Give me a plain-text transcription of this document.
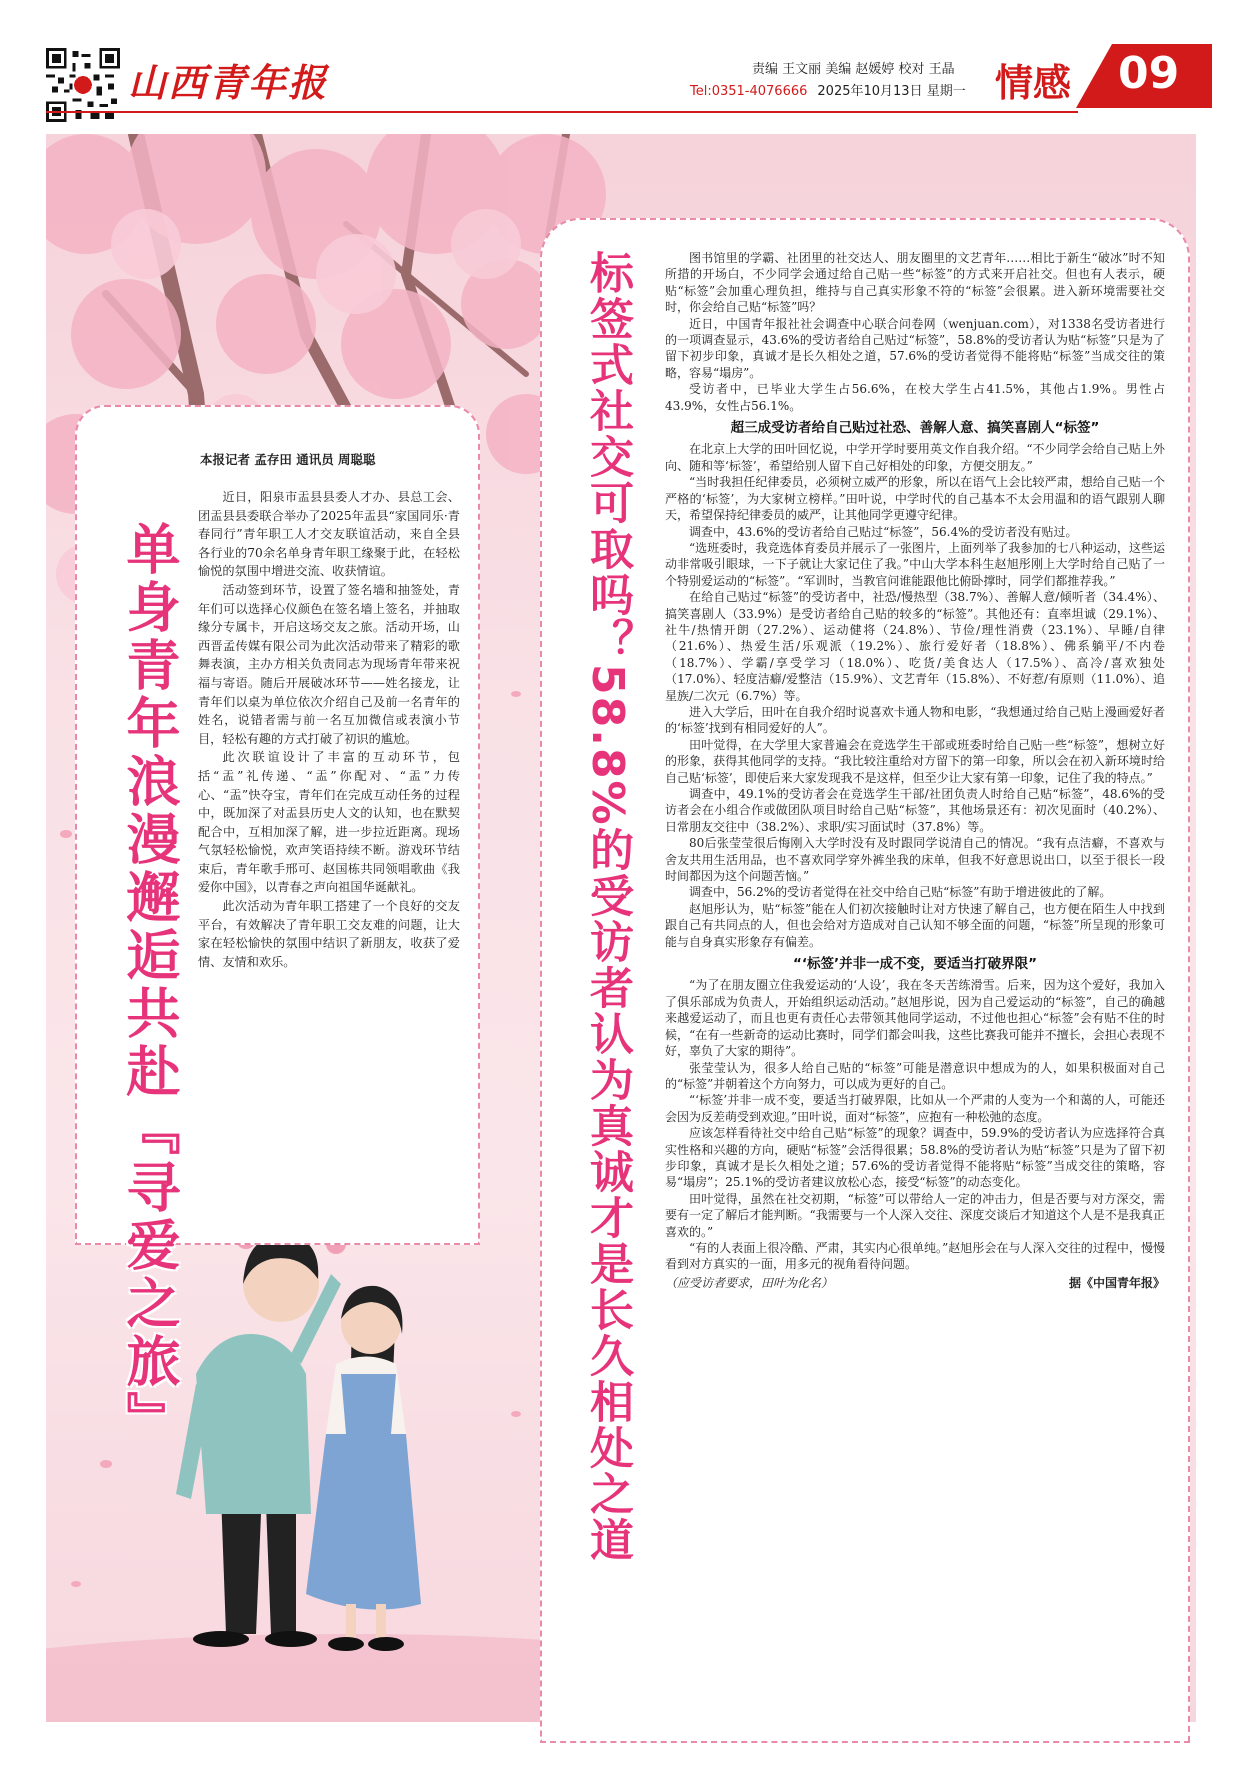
山西青年报	责编 王文丽 美编 赵媛婷 校对 王晶
Tel:0351-4076666 2025年10月13日 星期一 情感 09
单身青年浪漫邂逅共赴『寻爱之旅』
本报记者 孟存田 通讯员 周聪聪

近日，阳泉市盂县县委人才办、县总工会、团盂县县委联合举办了2025年盂县“家国同乐·青春同行”青年职工人才交友联谊活动，来自全县各行业的70余名单身青年职工缘聚于此，在轻松愉悦的氛围中增进交流、收获情谊。

活动签到环节，设置了签名墙和抽签处，青年们可以选择心仪颜色在签名墙上签名，并抽取缘分专属卡，开启这场交友之旅。活动开场，山西晋孟传媒有限公司为此次活动带来了精彩的歌舞表演，主办方相关负责同志为现场青年带来祝福与寄语。随后开展破冰环节——姓名接龙，让青年们以桌为单位依次介绍自己及前一名青年的姓名，说错者需与前一名互加微信或表演小节目，轻松有趣的方式打破了初识的尴尬。

此次联谊设计了丰富的互动环节，包括“盂”礼传递、“盂”你配对、“盂”力传心、“盂”快夺宝，青年们在完成互动任务的过程中，既加深了对盂县历史人文的认知，也在默契配合中，互相加深了解，进一步拉近距离。现场气氛轻松愉悦，欢声笑语持续不断。游戏环节结束后，青年歌手邢可、赵国栋共同领唱歌曲《我爱你中国》，以青春之声向祖国华诞献礼。

此次活动为青年职工搭建了一个良好的交友平台，有效解决了青年职工交友难的问题，让大家在轻松愉快的氛围中结识了新朋友，收获了爱情、友情和欢乐。	标签式社交可取吗？58.8%的受访者认为真诚才是长久相处之道	图书馆里的学霸、社团里的社交达人、朋友圈里的文艺青年……相比于新生“破冰”时不知所措的开场白，不少同学会通过给自己贴一些“标签”的方式来开启社交。但也有人表示，硬贴“标签”会加重心理负担，维持与自己真实形象不符的“标签”会很累。进入新环境需要社交时，你会给自己贴“标签”吗？

近日，中国青年报社社会调查中心联合问卷网（wenjuan.com），对1338名受访者进行的一项调查显示，43.6%的受访者给自己贴过“标签”，58.8%的受访者认为贴“标签”只是为了留下初步印象，真诚才是长久相处之道，57.6%的受访者觉得不能将贴“标签”当成交往的策略，容易“塌房”。

受访者中，已毕业大学生占56.6%，在校大学生占41.5%，其他占1.9%。男性占43.9%，女性占56.1%。

超三成受访者给自己贴过社恐、善解人意、搞笑喜剧人“标签”

在北京上大学的田叶回忆说，中学开学时要用英文作自我介绍。“不少同学会给自己贴上外向、随和等‘标签’，希望给别人留下自己好相处的印象，方便交朋友。”

“当时我担任纪律委员，必须树立威严的形象，所以在语气上会比较严肃，想给自己贴一个严格的‘标签’，为大家树立榜样。”田叶说，中学时代的自己基本不太会用温和的语气跟别人聊天，希望保持纪律委员的威严，让其他同学更遵守纪律。

调查中，43.6%的受访者给自己贴过“标签”，56.4%的受访者没有贴过。

“选班委时，我竞选体育委员并展示了一张图片，上面列举了我参加的七八种运动，这些运动非常吸引眼球，一下子就让大家记住了我。”中山大学本科生赵旭彤刚上大学时给自己贴了一个特别爱运动的“标签”。“军训时，当教官问谁能跟他比俯卧撑时，同学们都推荐我。”

在给自己贴过“标签”的受访者中，社恐/慢热型（38.7%）、善解人意/倾听者（34.4%）、搞笑喜剧人（33.9%）是受访者给自己贴的较多的“标签”。其他还有：直率坦诚（29.1%）、社牛/热情开朗（27.2%）、运动健将（24.8%）、节俭/理性消费（23.1%）、早睡/自律（21.6%）、热爱生活/乐观派（19.2%）、旅行爱好者（18.8%）、佛系躺平/不内卷（18.7%）、学霸/享受学习（18.0%）、吃货/美食达人（17.5%）、高冷/喜欢独处（17.0%）、轻度洁癖/爱整洁（15.9%）、文艺青年（15.8%）、不好惹/有原则（11.0%）、追星族/二次元（6.7%）等。

进入大学后，田叶在自我介绍时说喜欢卡通人物和电影，“我想通过给自己贴上漫画爱好者的‘标签’找到有相同爱好的人”。

田叶觉得，在大学里大家普遍会在竞选学生干部或班委时给自己贴一些“标签”，想树立好的形象，获得其他同学的支持。“我比较注重给对方留下的第一印象，所以会在初入新环境时给自己贴‘标签’，即使后来大家发现我不是这样，但至少让大家有第一印象，记住了我的特点。”

调查中，49.1%的受访者会在竞选学生干部/社团负责人时给自己贴“标签”，48.6%的受访者会在小组合作或做团队项目时给自己贴“标签”，其他场景还有：初次见面时（40.2%）、日常朋友交往中（38.2%）、求职/实习面试时（37.8%）等。

80后张莹莹很后悔刚入大学时没有及时跟同学说清自己的情况。“我有点洁癖，不喜欢与舍友共用生活用品，也不喜欢同学穿外裤坐我的床单，但我不好意思说出口，以至于很长一段时间都因为这个问题苦恼。”

调查中，56.2%的受访者觉得在社交中给自己贴“标签”有助于增进彼此的了解。

赵旭彤认为，贴“标签”能在人们初次接触时让对方快速了解自己，也方便在陌生人中找到跟自己有共同点的人，但也会给对方造成对自己认知不够全面的问题，“标签”所呈现的形象可能与自身真实形象存有偏差。

“‘标签’并非一成不变，要适当打破界限”

“为了在朋友圈立住我爱运动的‘人设’，我在冬天苦练滑雪。后来，因为这个爱好，我加入了俱乐部成为负责人，开始组织运动活动。”赵旭彤说，因为自己爱运动的“标签”，自己的确越来越爱运动了，而且也更有责任心去带领其他同学运动，不过他也担心“标签”会有贴不住的时候，“在有一些新奇的运动比赛时，同学们都会叫我，这些比赛我可能并不擅长，会担心表现不好，辜负了大家的期待”。

张莹莹认为，很多人给自己贴的“标签”可能是潜意识中想成为的人，如果积极面对自己的“标签”并朝着这个方向努力，可以成为更好的自己。

“‘标签’并非一成不变，要适当打破界限，比如从一个严肃的人变为一个和蔼的人，可能还会因为反差萌受到欢迎。”田叶说，面对“标签”，应抱有一种松弛的态度。

应该怎样看待社交中给自己贴“标签”的现象？调查中，59.9%的受访者认为应选择符合真实性格和兴趣的方向，硬贴“标签”会活得很累；58.8%的受访者认为贴“标签”只是为了留下初步印象，真诚才是长久相处之道；57.6%的受访者觉得不能将贴“标签”当成交往的策略，容易“塌房”；25.1%的受访者建议放松心态，接受“标签”的动态变化。

田叶觉得，虽然在社交初期，“标签”可以带给人一定的冲击力，但是否要与对方深交，需要有一定了解后才能判断。“我需要与一个人深入交往、深度交谈后才知道这个人是不是我真正喜欢的。”

“有的人表面上很冷酷、严肃，其实内心很单纯。”赵旭彤会在与人深入交往的过程中，慢慢看到对方真实的一面，用多元的视角看待问题。

（应受访者要求，田叶为化名）	据《中国青年报》
